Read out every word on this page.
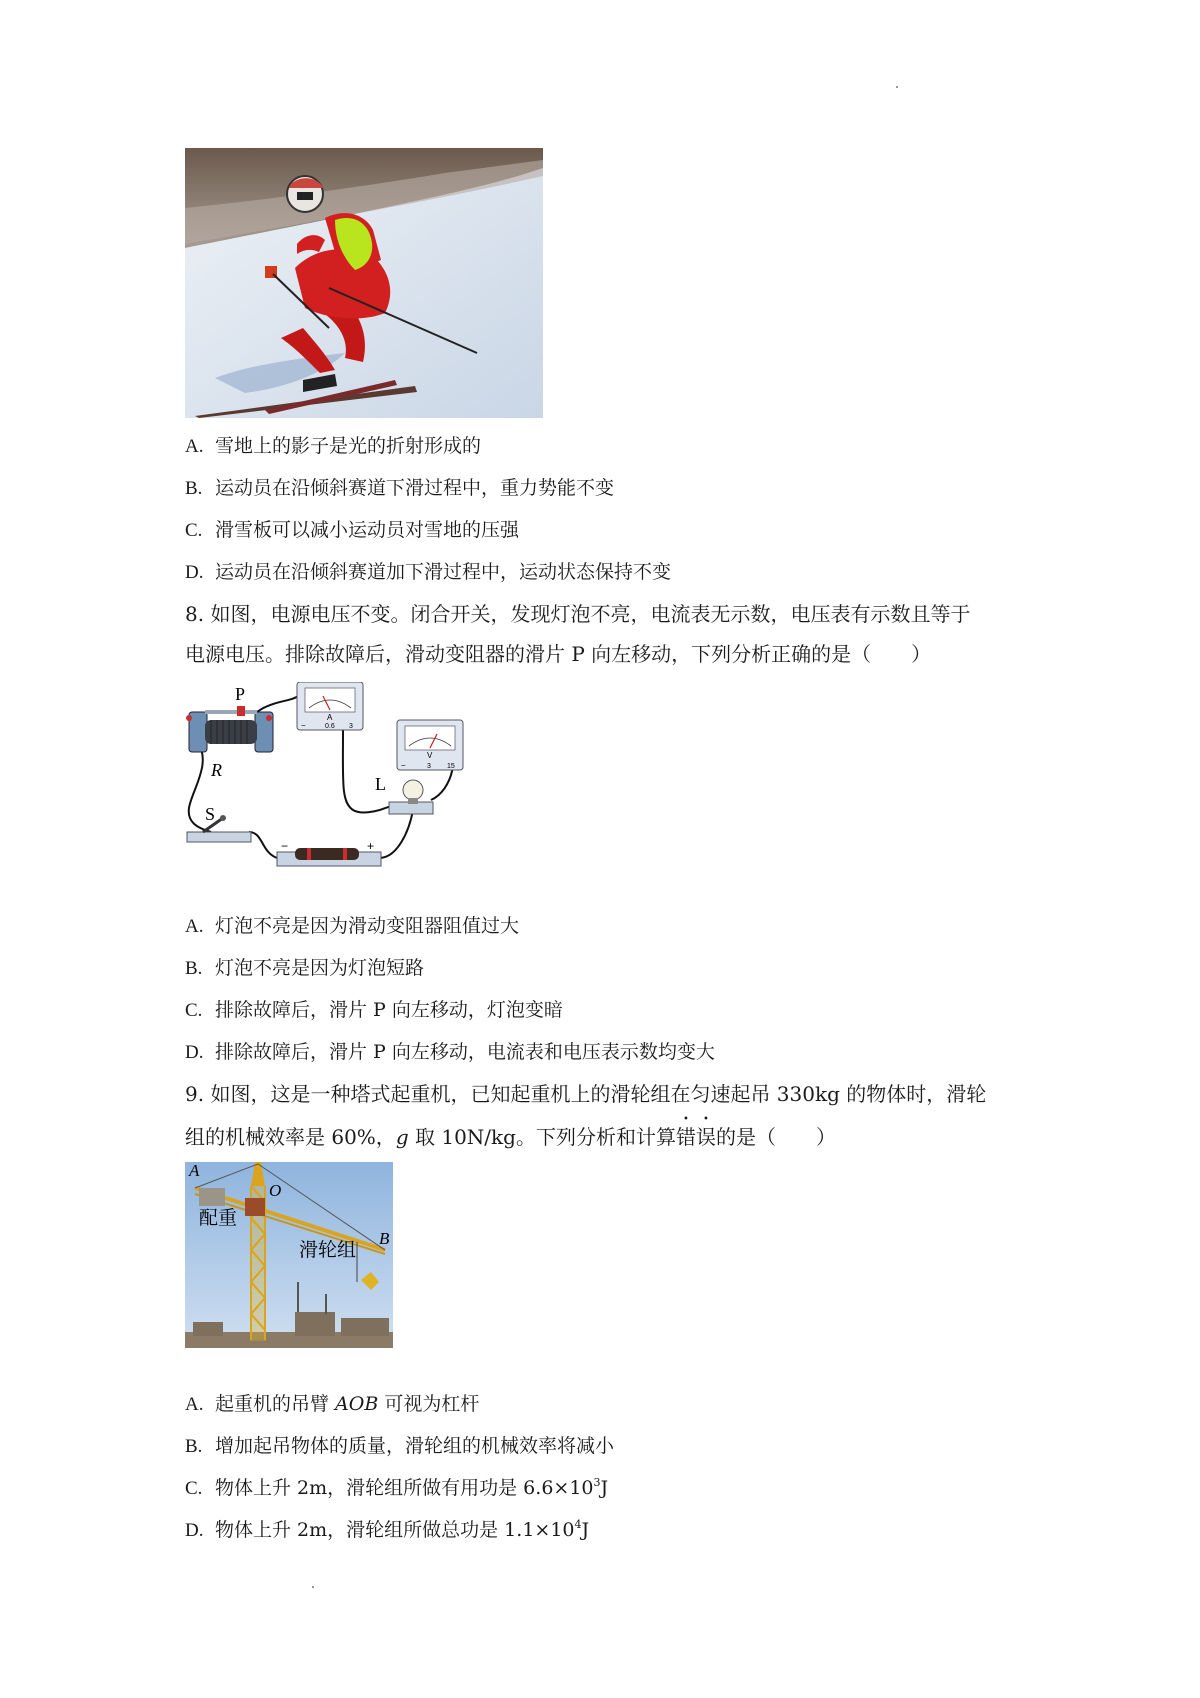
A. 雪地上的影子是光的折射形成的
B. 运动员在沿倾斜赛道下滑过程中，重力势能不变
C. 滑雪板可以减小运动员对雪地的压强
D. 运动员在沿倾斜赛道加下滑过程中，运动状态保持不变

8. 如图，电源电压不变。闭合开关，发现灯泡不亮，电流表无示数，电压表有示数且等于

电源电压。排除故障后，滑动变阻器的滑片 P 向左移动，下列分析正确的是（　　）

P
R
A
−	0.6 3
V
−	3 15
L
S
−	+
A. 灯泡不亮是因为滑动变阻器阻值过大
B. 灯泡不亮是因为灯泡短路
C. 排除故障后，滑片 P 向左移动，灯泡变暗
D. 排除故障后，滑片 P 向左移动，电流表和电压表示数均变大

9. 如图，这是一种塔式起重机，已知起重机上的滑轮组在匀速起吊 330kg 的物体时，滑轮

组的机械效率是 60%，g 取 10N/kg。下列分析和计算错误的是（　　）

A
O
B
配重
滑轮组
A. 起重机的吊臂 AOB 可视为杠杆
B. 增加起吊物体的质量，滑轮组的机械效率将减小
C. 物体上升 2m，滑轮组所做有用功是 $6.6\times 10^3J$
D. 物体上升 2m，滑轮组所做总功是 $1.1\times 10^4J$
